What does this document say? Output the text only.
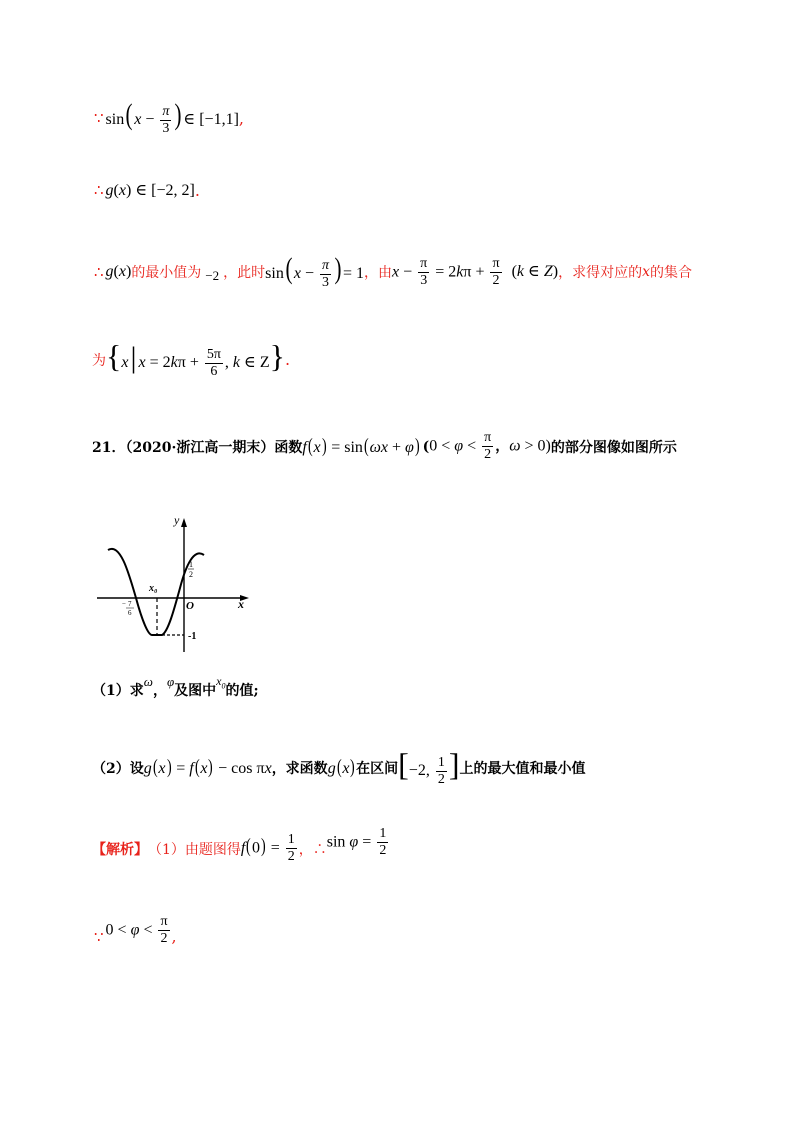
∵ $\sin(x - \frac{\pi}{3}$ )∈ [−1,1] ,
∴ g(x) ∈ [−2, 2] .
∴ g(x) 的最小值为 −2 ，此时 $\sin(x - \frac{\pi}{3}$ )= 1 ，由 $x - \frac{\pi}{3} = 2k\pi + \frac{\pi}{2} (k$ ∈ Z) ，求得对应的 x 的集合
为 {x| $x = 2k\pi + \frac{5\pi}{6}$ , k ∈ Z} .
21．（2020·浙江高一期末）函数 f(x) = sin(ωx + φ) ( $0 < \varphi < \frac{\pi}{2}$ ，ω > 0) 的部分图像如图所示
y
x
O
x₀
1
2
-1
− 7
6
（1）求
ω
，
φ
及图中
$x_0$ 的值;
（2）设 g(x) = f(x) − cos πx ，求函数 g(x) 在区间 [−2, $\frac{1}{2}$ ] 上的最大值和最小值
【解析】 （1）由题图得 $f(0) = \frac{1}{2}$ ，∴ $\sin \varphi = \frac{1}{2}$
∵ $0 < \varphi < \frac{\pi}{2}$ ,
